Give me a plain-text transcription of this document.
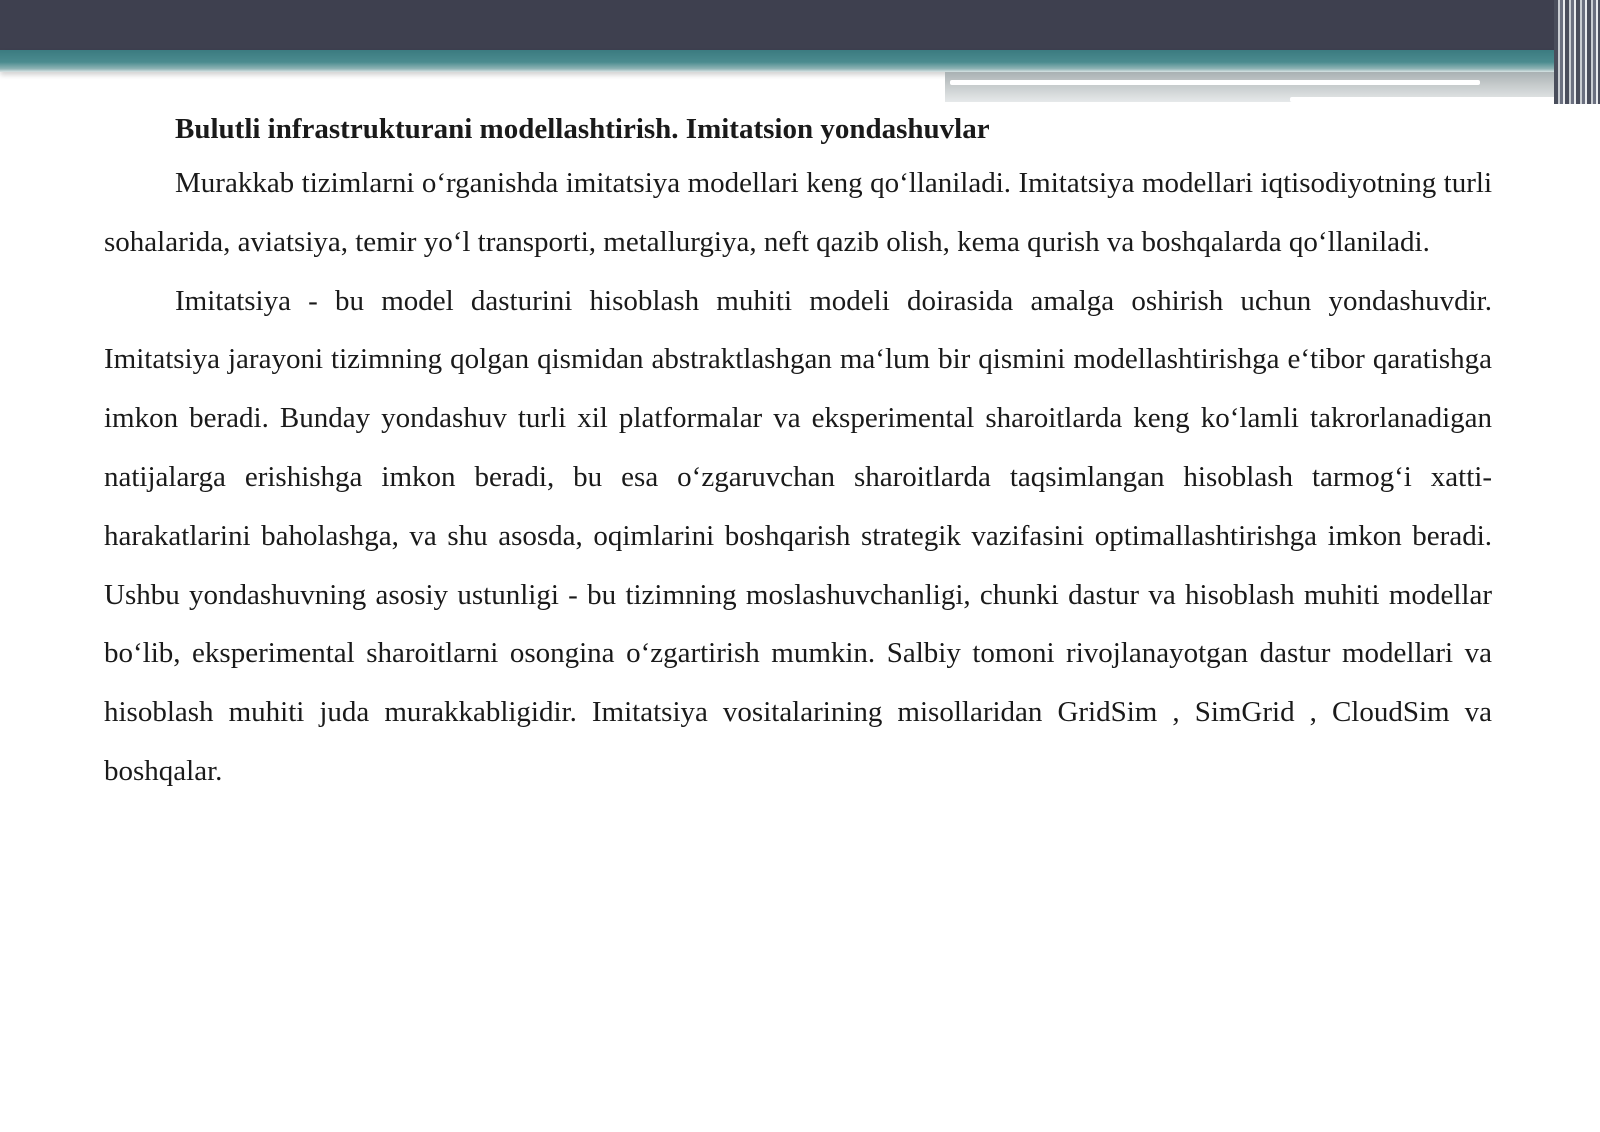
Bulutli infrastrukturani modellashtirish. Imitatsion yondashuvlar

Murakkab tizimlarni o‘rganishda imitatsiya modellari keng qo‘llaniladi. Imitatsiya modellari iqtisodiyotning turli sohalarida, aviatsiya, temir yo‘l transporti, metallurgiya, neft qazib olish, kema qurish va boshqalarda qo‘llaniladi.

Imitatsiya - bu model dasturini hisoblash muhiti modeli doirasida amalga oshirish uchun yondashuvdir. Imitatsiya jarayoni tizimning qolgan qismidan abstraktlashgan ma‘lum bir qismini modellashtirishga e‘tibor qaratishga imkon beradi. Bunday yondashuv turli xil platformalar va eksperimental sharoitlarda keng ko‘lamli takrorlanadigan natijalarga erishishga imkon beradi, bu esa o‘zgaruvchan sharoitlarda taqsimlangan hisoblash tarmog‘i xatti-harakatlarini baholashga, va shu asosda, oqimlarini boshqarish strategik vazifasini optimallashtirishga imkon beradi. Ushbu yondashuvning asosiy ustunligi - bu tizimning moslashuvchanligi, chunki dastur va hisoblash muhiti modellar bo‘lib, eksperimental sharoitlarni osongina o‘zgartirish mumkin. Salbiy tomoni rivojlanayotgan dastur modellari va hisoblash muhiti juda murakkabligidir. Imitatsiya vositalarining misollaridan GridSim , SimGrid , CloudSim va boshqalar.
